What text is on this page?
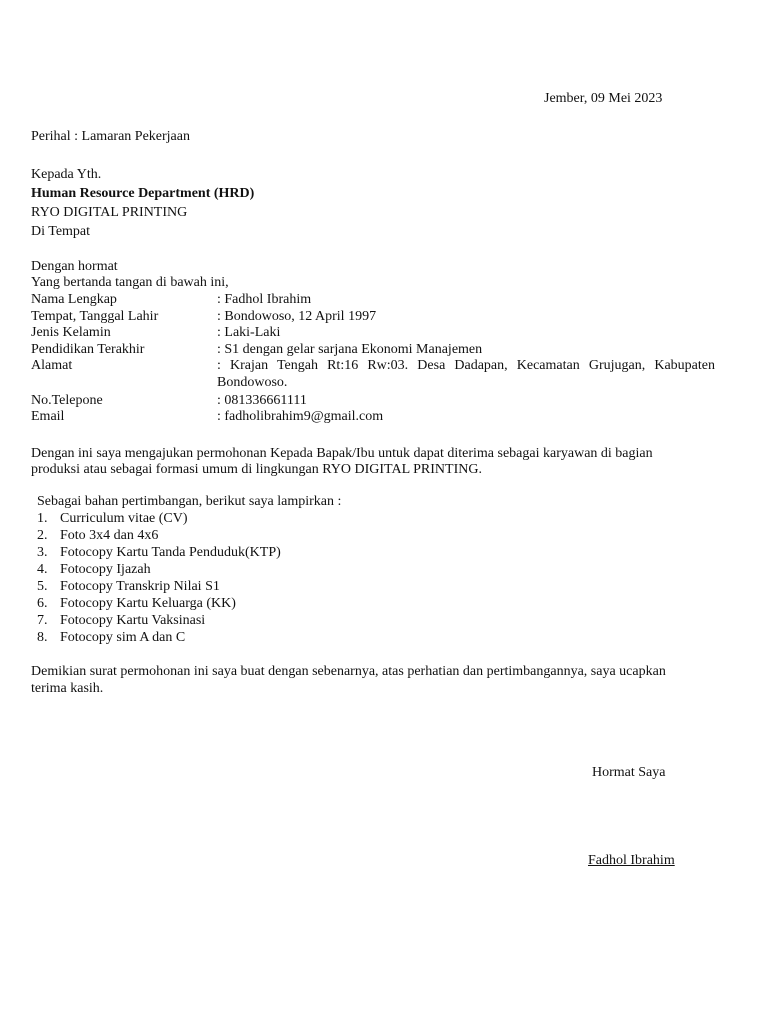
Jember, 09 Mei 2023
Perihal : Lamaran Pekerjaan
Kepada Yth.
Human Resource Department (HRD)
RYO DIGITAL PRINTING
Di Tempat
Dengan hormat
Yang bertanda tangan di bawah ini,
Nama Lengkap	: Fadhol Ibrahim
Tempat, Tanggal Lahir	: Bondowoso, 12 April 1997
Jenis Kelamin	: Laki-Laki
Pendidikan Terakhir	: S1 dengan gelar sarjana Ekonomi Manajemen
Alamat	: Krajan Tengah Rt:16 Rw:03. Desa Dadapan, Kecamatan Grujugan, Kabupaten
Bondowoso.
No.Telepone	: 081336661111
Email	: fadholibrahim9@gmail.com
Dengan ini saya mengajukan permohonan Kepada Bapak/Ibu untuk dapat diterima sebagai karyawan di bagian
produksi atau sebagai formasi umum di lingkungan RYO DIGITAL PRINTING.
Sebagai bahan pertimbangan, berikut saya lampirkan :
1. Curriculum vitae (CV)
2. Foto 3x4 dan 4x6
3. Fotocopy Kartu Tanda Penduduk(KTP)
4. Fotocopy Ijazah
5. Fotocopy Transkrip Nilai S1
6. Fotocopy Kartu Keluarga (KK)
7. Fotocopy Kartu Vaksinasi
8. Fotocopy sim A dan C
Demikian surat permohonan ini saya buat dengan sebenarnya, atas perhatian dan pertimbangannya, saya ucapkan
terima kasih.
Hormat Saya
Fadhol Ibrahim
